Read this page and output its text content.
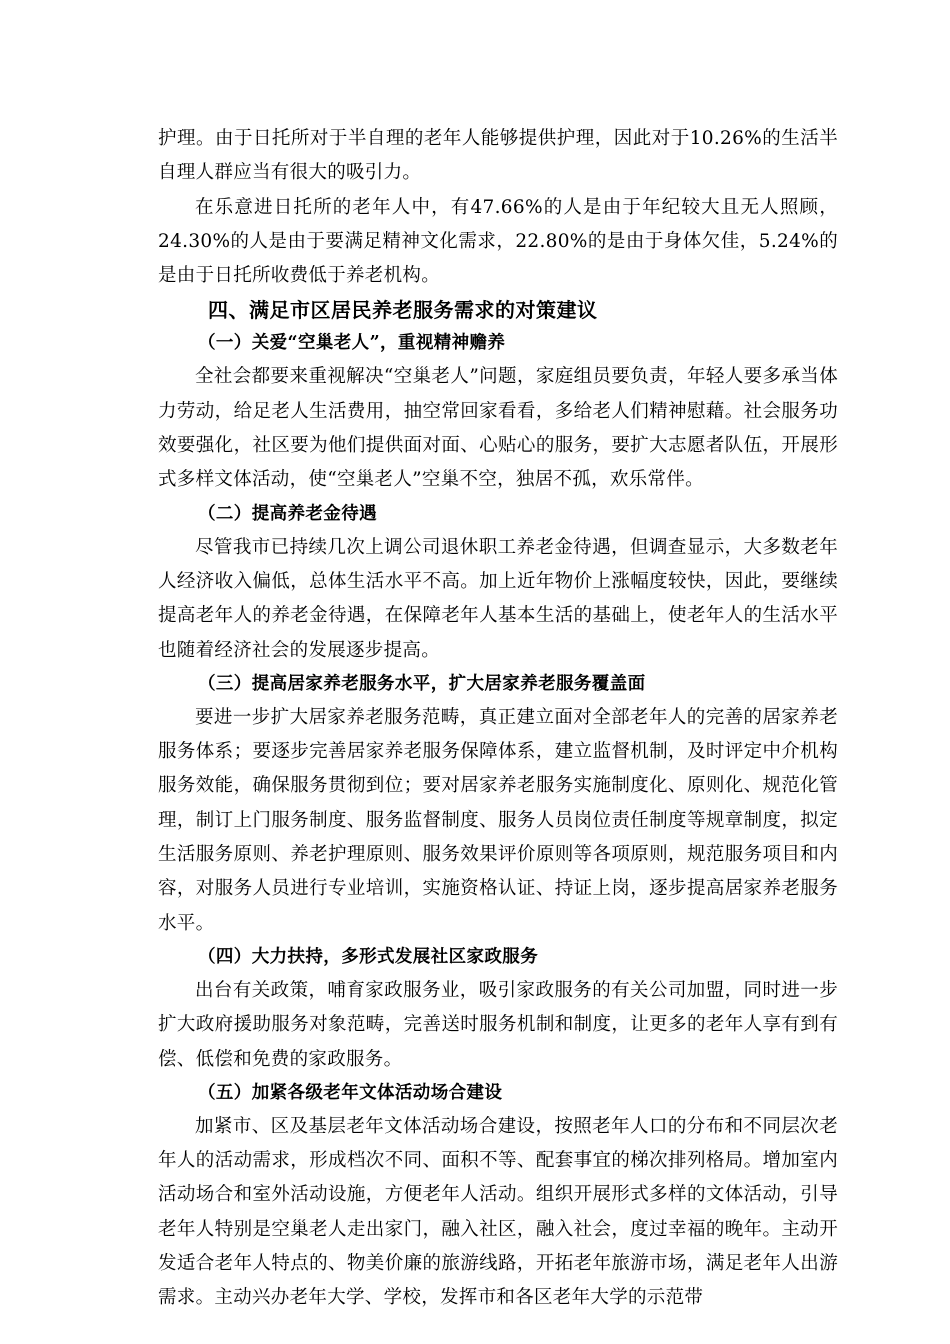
护理。由于日托所对于半自理的老年人能够提供护理，因此对于10.26%的生活半自理人群应当有很大的吸引力。

在乐意进日托所的老年人中，有47.66%的人是由于年纪较大且无人照顾，24.30%的人是由于要满足精神文化需求，22.80%的是由于身体欠佳，5.24%的是由于日托所收费低于养老机构。

四、满足市区居民养老服务需求的对策建议
（一）关爱“空巢老人”，重视精神赡养

全社会都要来重视解决“空巢老人”问题，家庭组员要负责，年轻人要多承当体力劳动，给足老人生活费用，抽空常回家看看，多给老人们精神慰藉。社会服务功效要强化，社区要为他们提供面对面、心贴心的服务，要扩大志愿者队伍，开展形式多样文体活动，使“空巢老人”空巢不空，独居不孤，欢乐常伴。

（二）提高养老金待遇

尽管我市已持续几次上调公司退休职工养老金待遇，但调查显示，大多数老年人经济收入偏低，总体生活水平不高。加上近年物价上涨幅度较快，因此，要继续提高老年人的养老金待遇，在保障老年人基本生活的基础上，使老年人的生活水平也随着经济社会的发展逐步提高。

（三）提高居家养老服务水平，扩大居家养老服务覆盖面

要进一步扩大居家养老服务范畴，真正建立面对全部老年人的完善的居家养老服务体系；要逐步完善居家养老服务保障体系，建立监督机制，及时评定中介机构服务效能，确保服务贯彻到位；要对居家养老服务实施制度化、原则化、规范化管理，制订上门服务制度、服务监督制度、服务人员岗位责任制度等规章制度，拟定生活服务原则、养老护理原则、服务效果评价原则等各项原则，规范服务项目和内容，对服务人员进行专业培训，实施资格认证、持证上岗，逐步提高居家养老服务水平。

（四）大力扶持，多形式发展社区家政服务

出台有关政策，哺育家政服务业，吸引家政服务的有关公司加盟，同时进一步扩大政府援助服务对象范畴，完善送时服务机制和制度，让更多的老年人享有到有偿、低偿和免费的家政服务。

（五）加紧各级老年文体活动场合建设

加紧市、区及基层老年文体活动场合建设，按照老年人口的分布和不同层次老年人的活动需求，形成档次不同、面积不等、配套事宜的梯次排列格局。增加室内活动场合和室外活动设施，方便老年人活动。组织开展形式多样的文体活动，引导老年人特别是空巢老人走出家门，融入社区，融入社会，度过幸福的晚年。主动开发适合老年人特点的、物美价廉的旅游线路，开拓老年旅游市场，满足老年人出游需求。主动兴办老年大学、学校，发挥市和各区老年大学的示范带
